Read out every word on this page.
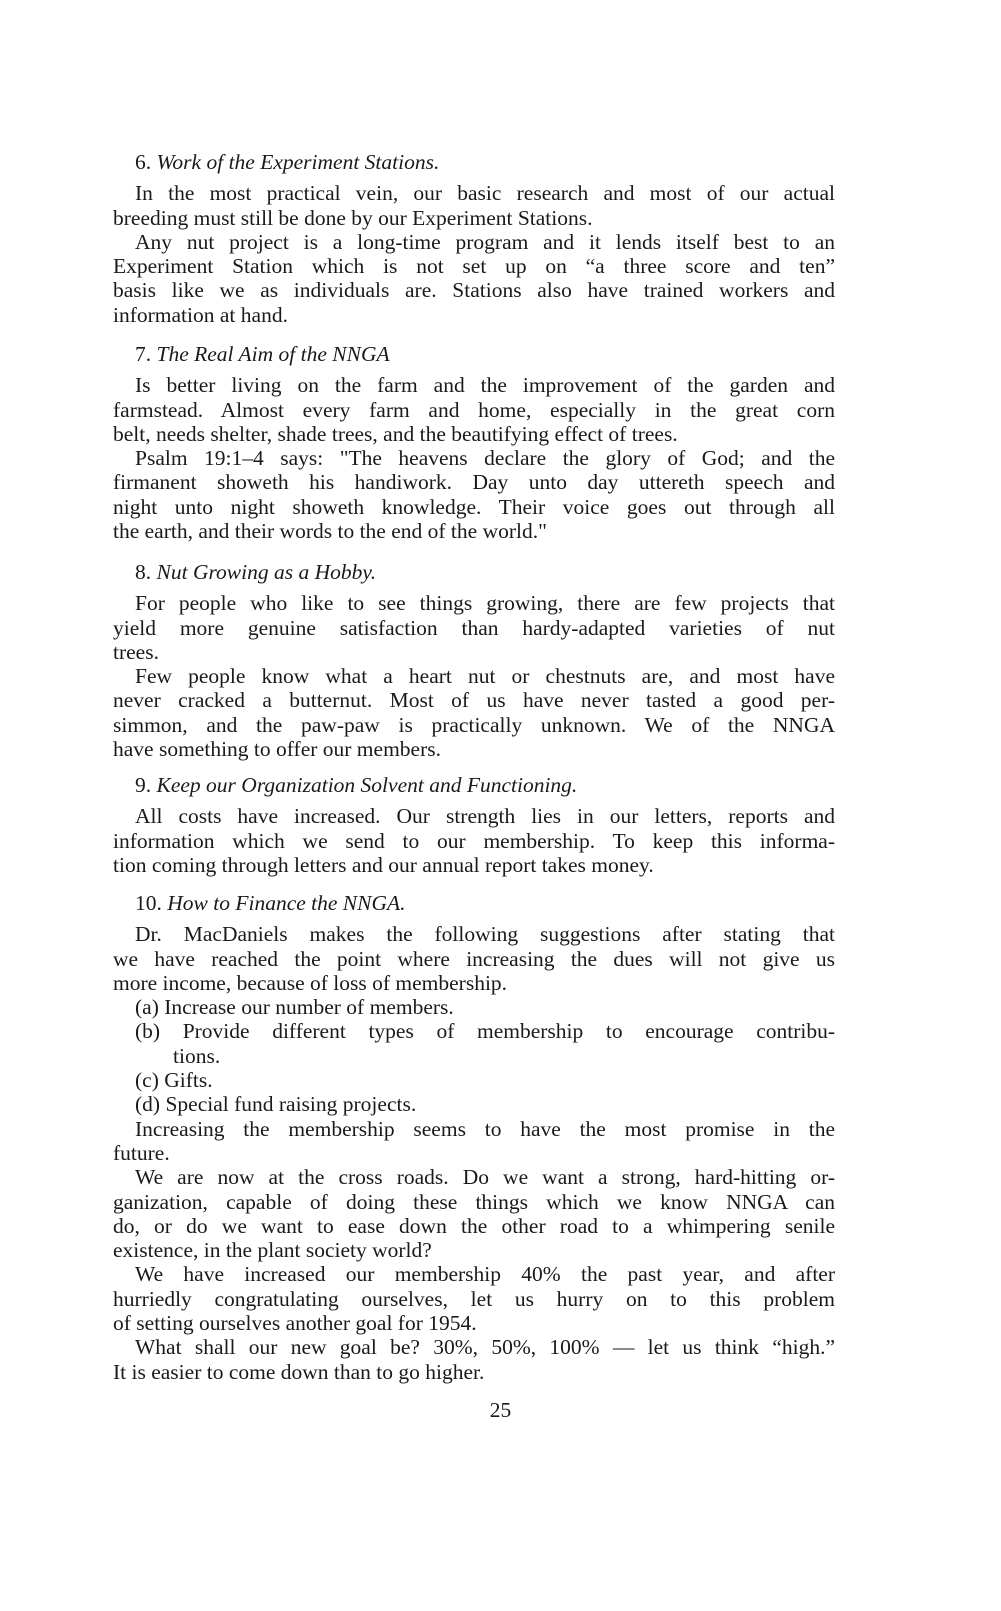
6. Work of the Experiment Stations.
In the most practical vein, our basic research and most of our actual
breeding must still be done by our Experiment Stations.
Any nut project is a long-time program and it lends itself best to an
Experiment Station which is not set up on “a three score and ten”
basis like we as individuals are. Stations also have trained workers and
information at hand.
7. The Real Aim of the NNGA
Is better living on the farm and the improvement of the garden and
farmstead. Almost every farm and home, especially in the great corn
belt, needs shelter, shade trees, and the beautifying effect of trees.
Psalm 19:1–4 says: "The heavens declare the glory of God; and the
firmanent showeth his handiwork. Day unto day uttereth speech and
night unto night showeth knowledge. Their voice goes out through all
the earth, and their words to the end of the world."
8. Nut Growing as a Hobby.
For people who like to see things growing, there are few projects that
yield more genuine satisfaction than hardy-adapted varieties of nut
trees.
Few people know what a heart nut or chestnuts are, and most have
never cracked a butternut. Most of us have never tasted a good per-
simmon, and the paw-paw is practically unknown. We of the NNGA
have something to offer our members.
9. Keep our Organization Solvent and Functioning.
All costs have increased. Our strength lies in our letters, reports and
information which we send to our membership. To keep this informa-
tion coming through letters and our annual report takes money.
10. How to Finance the NNGA.
Dr. MacDaniels makes the following suggestions after stating that
we have reached the point where increasing the dues will not give us
more income, because of loss of membership.
(a) Increase our number of members.
(b) Provide different types of membership to encourage contribu-
tions.
(c) Gifts.
(d) Special fund raising projects.
Increasing the membership seems to have the most promise in the
future.
We are now at the cross roads. Do we want a strong, hard-hitting or-
ganization, capable of doing these things which we know NNGA can
do, or do we want to ease down the other road to a whimpering senile
existence, in the plant society world?
We have increased our membership 40% the past year, and after
hurriedly congratulating ourselves, let us hurry on to this problem
of setting ourselves another goal for 1954.
What shall our new goal be? 30%, 50%, 100% — let us think “high.”
It is easier to come down than to go higher.
25
